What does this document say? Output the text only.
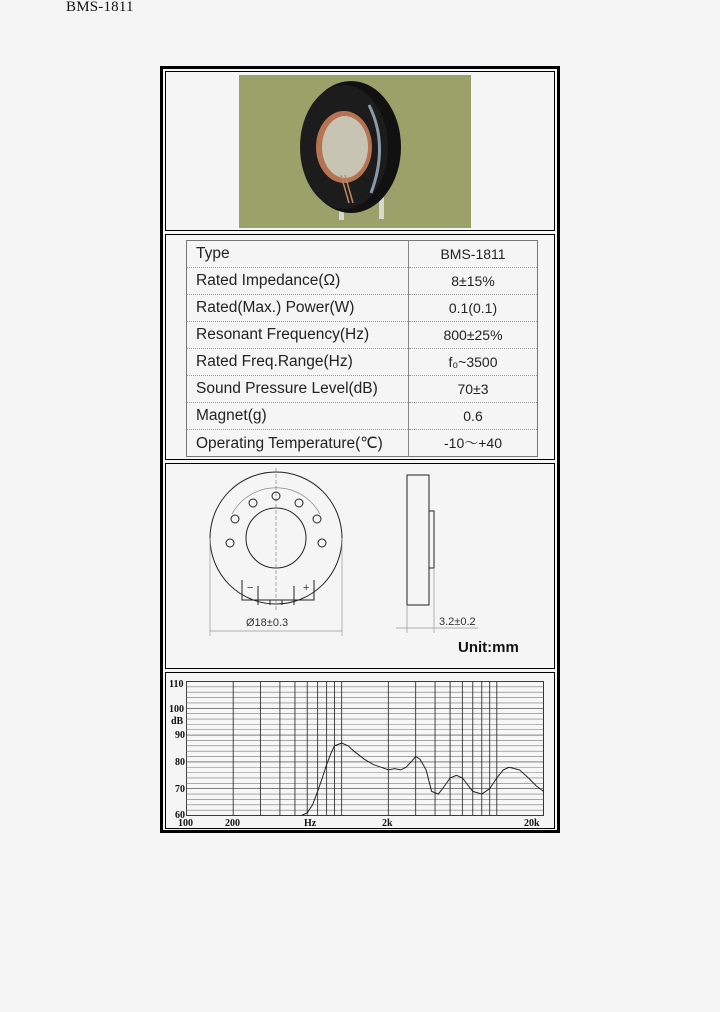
BMS-1811
Type	BMS-1811
Rated Impedance(Ω)	8±15%
Rated(Max.) Power(W)	0.1(0.1)
Resonant Frequency(Hz)	800±25%
Rated Freq.Range(Hz)	f₀~3500
Sound Pressure Level(dB)	70±3
Magnet(g)	0.6
Operating Temperature(℃)	-10～+40
Ø18±0.3
−	+
3.2±0.2
Unit:mm
110
100
dB
90
80
70
60
100	200	Hz	2k	20k
